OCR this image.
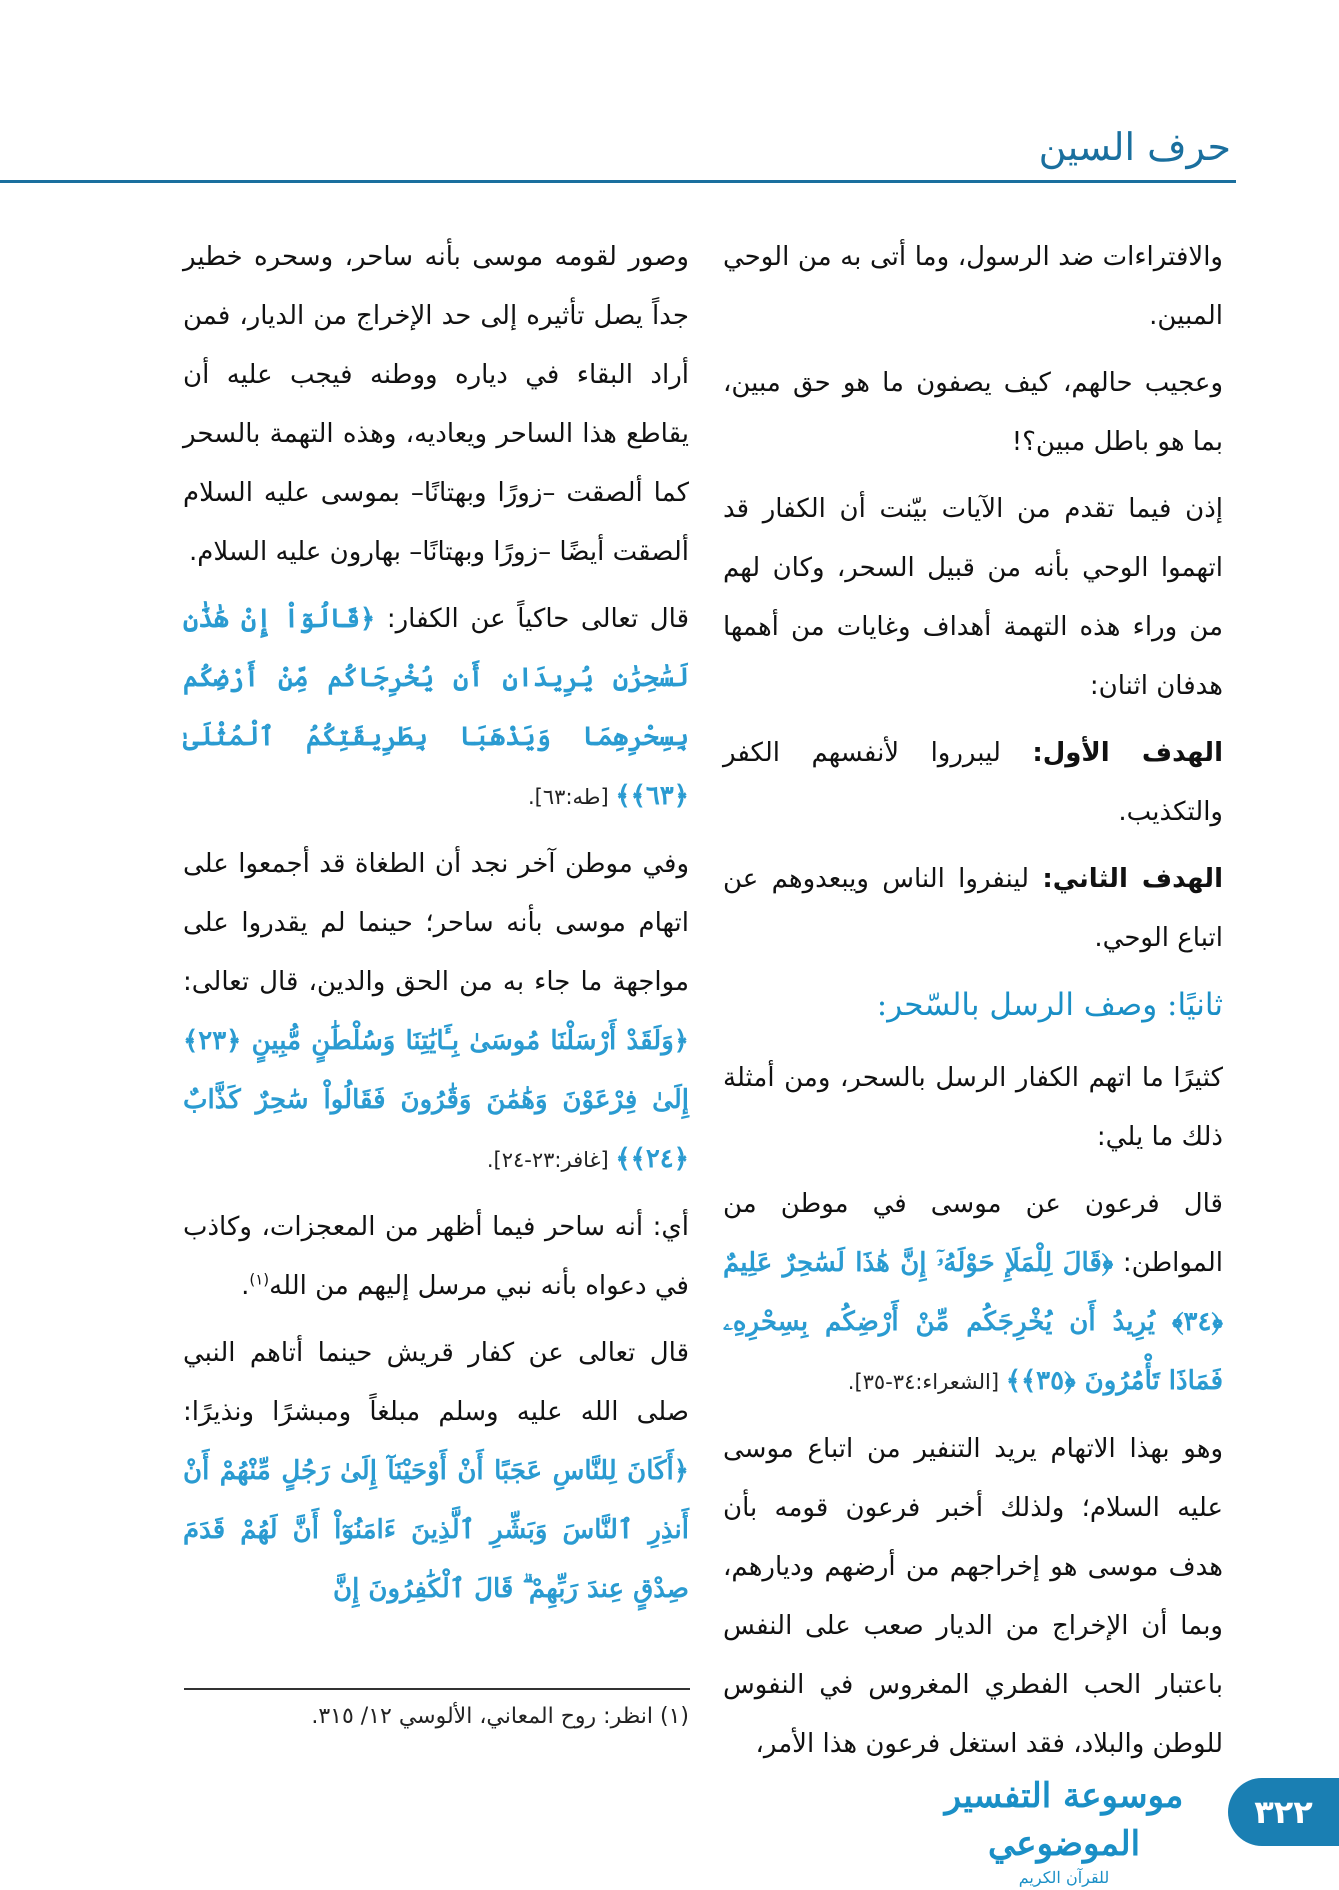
حرف السين

والافتراءات ضد الرسول، وما أتى به من الوحي المبين.

وعجيب حالهم، كيف يصفون ما هو حق مبين، بما هو باطل مبين؟!

إذن فيما تقدم من الآيات بيّنت أن الكفار قد اتهموا الوحي بأنه من قبيل السحر، وكان لهم من وراء هذه التهمة أهداف وغايات من أهمها هدفان اثنان:

الهدف الأول: ليبرروا لأنفسهم الكفر والتكذيب.

الهدف الثاني: لينفروا الناس ويبعدوهم عن اتباع الوحي.

ثانيًا: وصف الرسل بالسّحر:

كثيرًا ما اتهم الكفار الرسل بالسحر، ومن أمثلة ذلك ما يلي:

قال فرعون عن موسى في موطن من المواطن: ﴿قَالَ لِلْمَلَإِ حَوْلَهُۥٓ إِنَّ هَٰذَا لَسَٰحِرٌ عَلِيمٌ ﴿٣٤﴾ يُرِيدُ أَن يُخْرِجَكُم مِّنْ أَرْضِكُم بِسِحْرِهِۦ فَمَاذَا تَأْمُرُونَ ﴿٣٥﴾﴾ [الشعراء:٣٤-٣٥].

وهو بهذا الاتهام يريد التنفير من اتباع موسى عليه السلام؛ ولذلك أخبر فرعون قومه بأن هدف موسى هو إخراجهم من أرضهم وديارهم، وبما أن الإخراج من الديار صعب على النفس باعتبار الحب الفطري المغروس في النفوس للوطن والبلاد، فقد استغل فرعون هذا الأمر،

وصور لقومه موسى بأنه ساحر، وسحره خطير جداً يصل تأثيره إلى حد الإخراج من الديار، فمن أراد البقاء في دياره ووطنه فيجب عليه أن يقاطع هذا الساحر ويعاديه، وهذه التهمة بالسحر كما ألصقت –زورًا وبهتانًا– بموسى عليه السلام ألصقت أيضًا –زورًا وبهتانًا– بهارون عليه السلام.

قال تعالى حاكياً عن الكفار: ﴿قَالُوٓاْ إِنْ هَٰذَٰنِ لَسَٰحِرَٰنِ يُرِيدَانِ أَن يُخْرِجَاكُم مِّنْ أَرْضِكُم بِسِحْرِهِمَا وَيَذْهَبَا بِطَرِيقَتِكُمُ ٱلْمُثْلَىٰ ﴿٦٣﴾﴾ [طه:٦٣].

وفي موطن آخر نجد أن الطغاة قد أجمعوا على اتهام موسى بأنه ساحر؛ حينما لم يقدروا على مواجهة ما جاء به من الحق والدين، قال تعالى: ﴿وَلَقَدْ أَرْسَلْنَا مُوسَىٰ بِـَٔايَٰتِنَا وَسُلْطَٰنٍ مُّبِينٍ ﴿٢٣﴾ إِلَىٰ فِرْعَوْنَ وَهَٰمَٰنَ وَقَٰرُونَ فَقَالُواْ سَٰحِرٌ كَذَّابٌ ﴿٢٤﴾﴾ [غافر:٢٣-٢٤].

أي: أنه ساحر فيما أظهر من المعجزات، وكاذب في دعواه بأنه نبي مرسل إليهم من الله$^{(١)}$.

قال تعالى عن كفار قريش حينما أتاهم النبي صلى الله عليه وسلم مبلغاً ومبشرًا ونذيرًا: ﴿أَكَانَ لِلنَّاسِ عَجَبًا أَنْ أَوْحَيْنَآ إِلَىٰ رَجُلٍ مِّنْهُمْ أَنْ أَنذِرِ ٱلنَّاسَ وَبَشِّرِ ٱلَّذِينَ ءَامَنُوٓاْ أَنَّ لَهُمْ قَدَمَ صِدْقٍ عِندَ رَبِّهِمْ ۗ قَالَ ٱلْكَٰفِرُونَ إِنَّ

(١) انظر: روح المعاني، الألوسي ١٢/ ٣١٥.
موسوعة التفسير الموضوعي
للقرآن الكريم
٣٢٢
